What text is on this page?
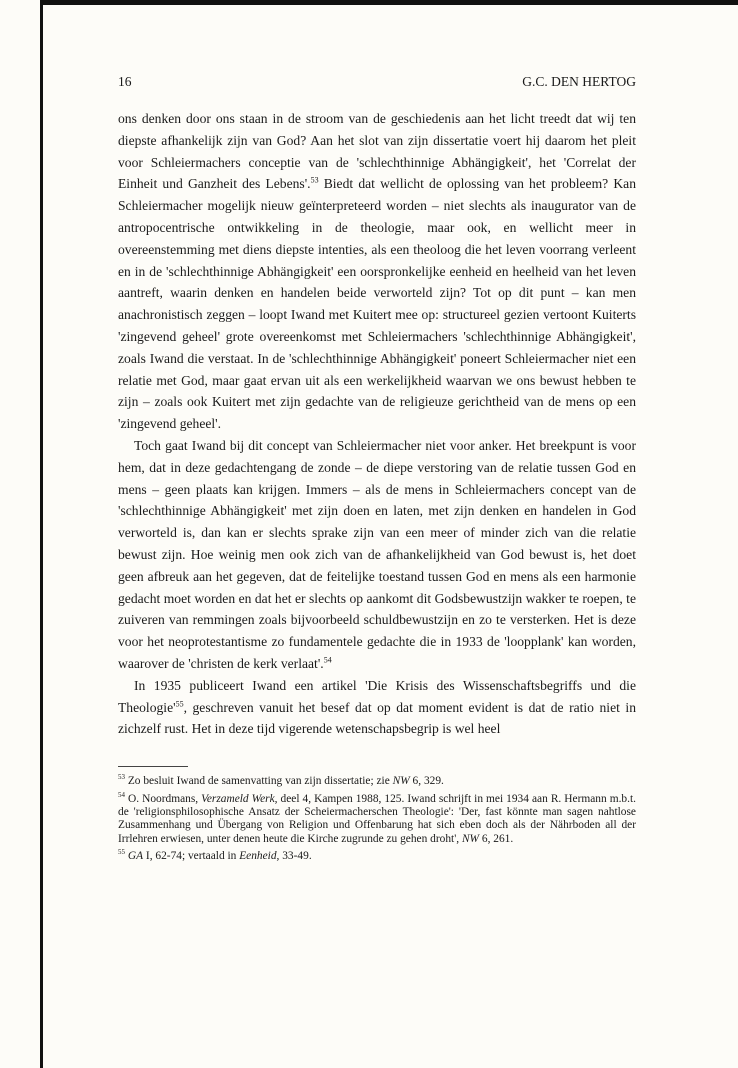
16	G.C. DEN HERTOG

ons denken door ons staan in de stroom van de geschiedenis aan het licht treedt dat wij ten diepste afhankelijk zijn van God? Aan het slot van zijn dissertatie voert hij daarom het pleit voor Schleiermachers conceptie van de 'schlechthinnige Abhängigkeit', het 'Correlat der Einheit und Ganzheit des Lebens'.$^{53}$ Biedt dat wellicht de oplossing van het probleem? Kan Schleiermacher mogelijk nieuw geïnterpreteerd worden – niet slechts als inaugurator van de antropocentrische ontwikkeling in de theologie, maar ook, en wellicht meer in overeenstemming met diens diepste intenties, als een theoloog die het leven voorrang verleent en in de 'schlechthinnige Abhängigkeit' een oorspronkelijke eenheid en heelheid van het leven aantreft, waarin denken en handelen beide verworteld zijn? Tot op dit punt – kan men anachronistisch zeggen – loopt Iwand met Kuitert mee op: structureel gezien vertoont Kuiterts 'zingevend geheel' grote overeenkomst met Schleiermachers 'schlechthinnige Abhängigkeit', zoals Iwand die verstaat. In de 'schlechthinnige Abhängigkeit' poneert Schleiermacher niet een relatie met God, maar gaat ervan uit als een werkelijkheid waarvan we ons bewust hebben te zijn – zoals ook Kuitert met zijn gedachte van de religieuze gerichtheid van de mens op een 'zingevend geheel'.

Toch gaat Iwand bij dit concept van Schleiermacher niet voor anker. Het breekpunt is voor hem, dat in deze gedachtengang de zonde – de diepe verstoring van de relatie tussen God en mens – geen plaats kan krijgen. Immers – als de mens in Schleiermachers concept van de 'schlechthinnige Abhängigkeit' met zijn doen en laten, met zijn denken en handelen in God verworteld is, dan kan er slechts sprake zijn van een meer of minder zich van die relatie bewust zijn. Hoe weinig men ook zich van de afhankelijkheid van God bewust is, het doet geen afbreuk aan het gegeven, dat de feitelijke toestand tussen God en mens als een harmonie gedacht moet worden en dat het er slechts op aankomt dit Godsbewustzijn wakker te roepen, te zuiveren van remmingen zoals bijvoorbeeld schuldbewustzijn en zo te versterken. Het is deze voor het neoprotestantisme zo fundamentele gedachte die in 1933 de 'loopplank' kan worden, waarover de 'christen de kerk verlaat'.$^{54}$

In 1935 publiceert Iwand een artikel 'Die Krisis des Wissenschaftsbegriffs und die $Theologie'^{55}$, geschreven vanuit het besef dat op dat moment evident is dat de ratio niet in zichzelf rust. Het in deze tijd vigerende wetenschapsbegrip is wel heel

$^{53}$ Zo besluit Iwand de samenvatting van zijn dissertatie; zie NW 6, 329.

$^{54}$ O. Noordmans, Verzameld Werk, deel 4, Kampen 1988, 125. Iwand schrijft in mei 1934 aan R. Hermann m.b.t. de 'religionsphilosophische Ansatz der Scheiermacherschen Theologie': 'Der, fast könnte man sagen nahtlose Zusammenhang und Übergang von Religion und Offenbarung hat sich eben doch als der Nährboden all der Irrlehren erwiesen, unter denen heute die Kirche zugrunde zu gehen droht', NW 6, 261.

$^{55}$ GA I, 62-74; vertaald in Eenheid, 33-49.
